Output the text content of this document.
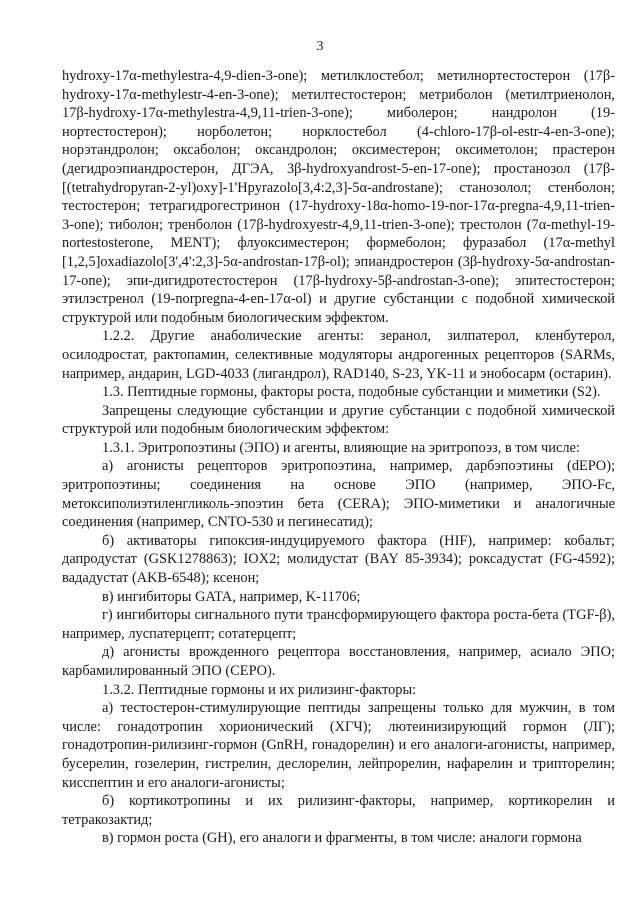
3

hydroxy-17α-methylestra-4,9-dien-3-one); метилклостебол; метилнортестостерон (17β-hydroxy-17α-methylestr-4-en-3-one); метилтестостерон; метриболон (метилтриенолон, 17β-hydroxy-17α-methylestra-4,9,11-trien-3-one); миболерон; нандролон (19-нортестостерон); норболетон; норклостебол (4-chloro-17β-ol-estr-4-en-3-one); норэтандролон; оксаболон; оксандролон; оксиместерон; оксиметолон; прастерон (дегидроэпиандростерон, ДГЭА, 3β-hydroxyandrost-5-en-17-one); простанозол (17β-[(tetrahydropyran-2-yl)oxy]-1'Hpyrazolo[3,4:2,3]-5α-androstane); станозолол; стенболон; тестостерон; тетрагидрогестринон (17-hydroxy-18α-homo-19-nor-17α-pregna-4,9,11-trien-3-one); тиболон; тренболон (17β-hydroxyestr-4,9,11-trien-3-one); трестолон (7α-methyl-19-nortestosterone, MENT); флуоксиместерон; формеболон; фуразабол (17α-methyl [1,2,5]oxadiazolo[3',4':2,3]-5α-androstan-17β-ol); эпиандростерон (3β-hydroxy-5α-androstan-17-one); эпи-дигидротестостерон (17β-hydroxy-5β-androstan-3-one); эпитестостерон; этилэстренол (19-norpregna-4-en-17α-ol) и другие субстанции с подобной химической структурой или подобным биологическим эффектом.

1.2.2. Другие анаболические агенты: зеранол, зилпатерол, кленбутерол, осилодростат, рактопамин, селективные модуляторы андрогенных рецепторов (SARMs, например, андарин, LGD-4033 (лигандрол), RAD140, S-23, YK-11 и энобосарм (остарин).

1.3. Пептидные гормоны, факторы роста, подобные субстанции и миметики (S2).

Запрещены следующие субстанции и другие субстанции с подобной химической структурой или подобным биологическим эффектом:

1.3.1. Эритропоэтины (ЭПО) и агенты, влияющие на эритропоэз, в том числе:

а) агонисты рецепторов эритропоэтина, например, дарбэпоэтины (dEPO); эритропоэтины; соединения на основе ЭПО (например, ЭПО-Fc, метоксиполиэтиленгликоль-эпоэтин бета (CERA); ЭПО-миметики и аналогичные соединения (например, CNTO-530 и пегинесатид);

б) активаторы гипоксия-индуцируемого фактора (HIF), например: кобальт; дапродустат (GSK1278863); IOX2; молидустат (BAY 85-3934); роксадустат (FG-4592); вададустат (AKB-6548); ксенон;

в) ингибиторы GATA, например, K-11706;

г) ингибиторы сигнального пути трансформирующего фактора роста-бета (TGF-β), например, луспатерцепт; сотатерцепт;

д) агонисты врожденного рецептора восстановления, например, асиало ЭПО; карбамилированный ЭПО (CEPO).

1.3.2. Пептидные гормоны и их рилизинг-факторы:

а) тестостерон-стимулирующие пептиды запрещены только для мужчин, в том числе: гонадотропин хорионический (ХГЧ); лютеинизирующий гормон (ЛГ); гонадотропин-рилизинг-гормон (GnRH, гонадорелин) и его аналоги-агонисты, например, бусерелин, гозелерин, гистрелин, деслорелин, лейпрорелин, нафарелин и трипторелин; кисспептин и его аналоги-агонисты;

б) кортикотропины и их рилизинг-факторы, например, кортикорелин и тетракозактид;

в) гормон роста (GH), его аналоги и фрагменты, в том числе: аналоги гормона
